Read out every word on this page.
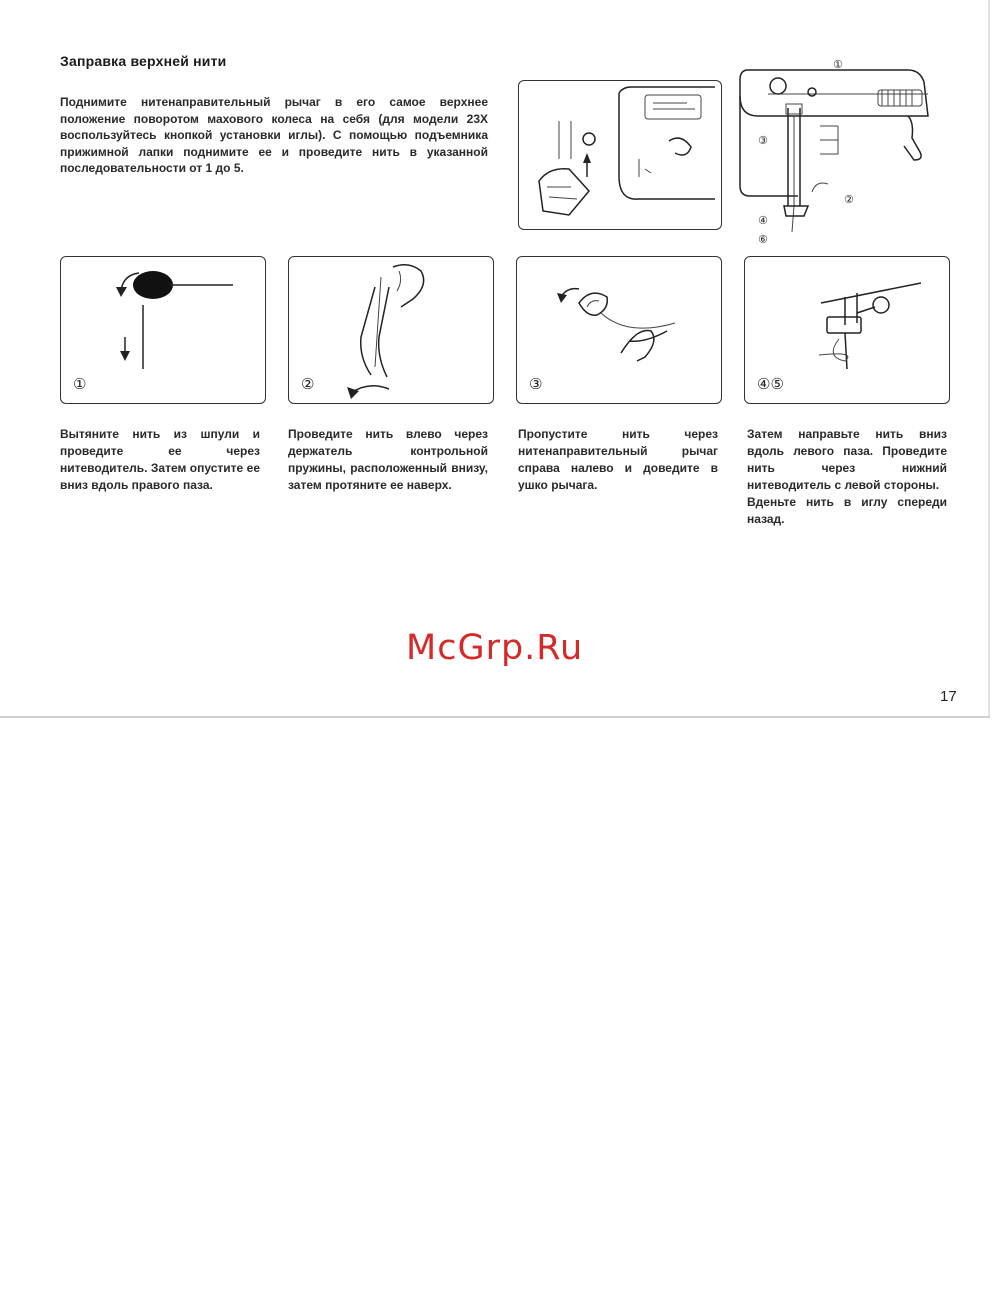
Заправка верхней нити
Поднимите нитенаправительный рычаг в его самое верхнее положение поворотом махового колеса на себя (для модели 23X воспользуйтесь кнопкой установки иглы). С помощью подъемника прижимной лапки поднимите ее и проведите нить в указанной последовательности от 1 до 5.
①
③
②
④
⑥
①	②	③	④⑤
Вытяните нить из шпули и проведите ее через нитеводитель. Затем опустите ее вниз вдоль правого паза.
Проведите нить влево через держатель контрольной пружины, расположенный внизу, затем протяните ее наверх.
Пропустите нить через нитенаправительный рычаг справа налево и доведите в ушко рычага.
Затем направьте нить вниз вдоль левого паза. Проведите нить через нижний нитеводитель с левой стороны.
Вденьте нить в иглу спереди назад.
McGrp.Ru
17
